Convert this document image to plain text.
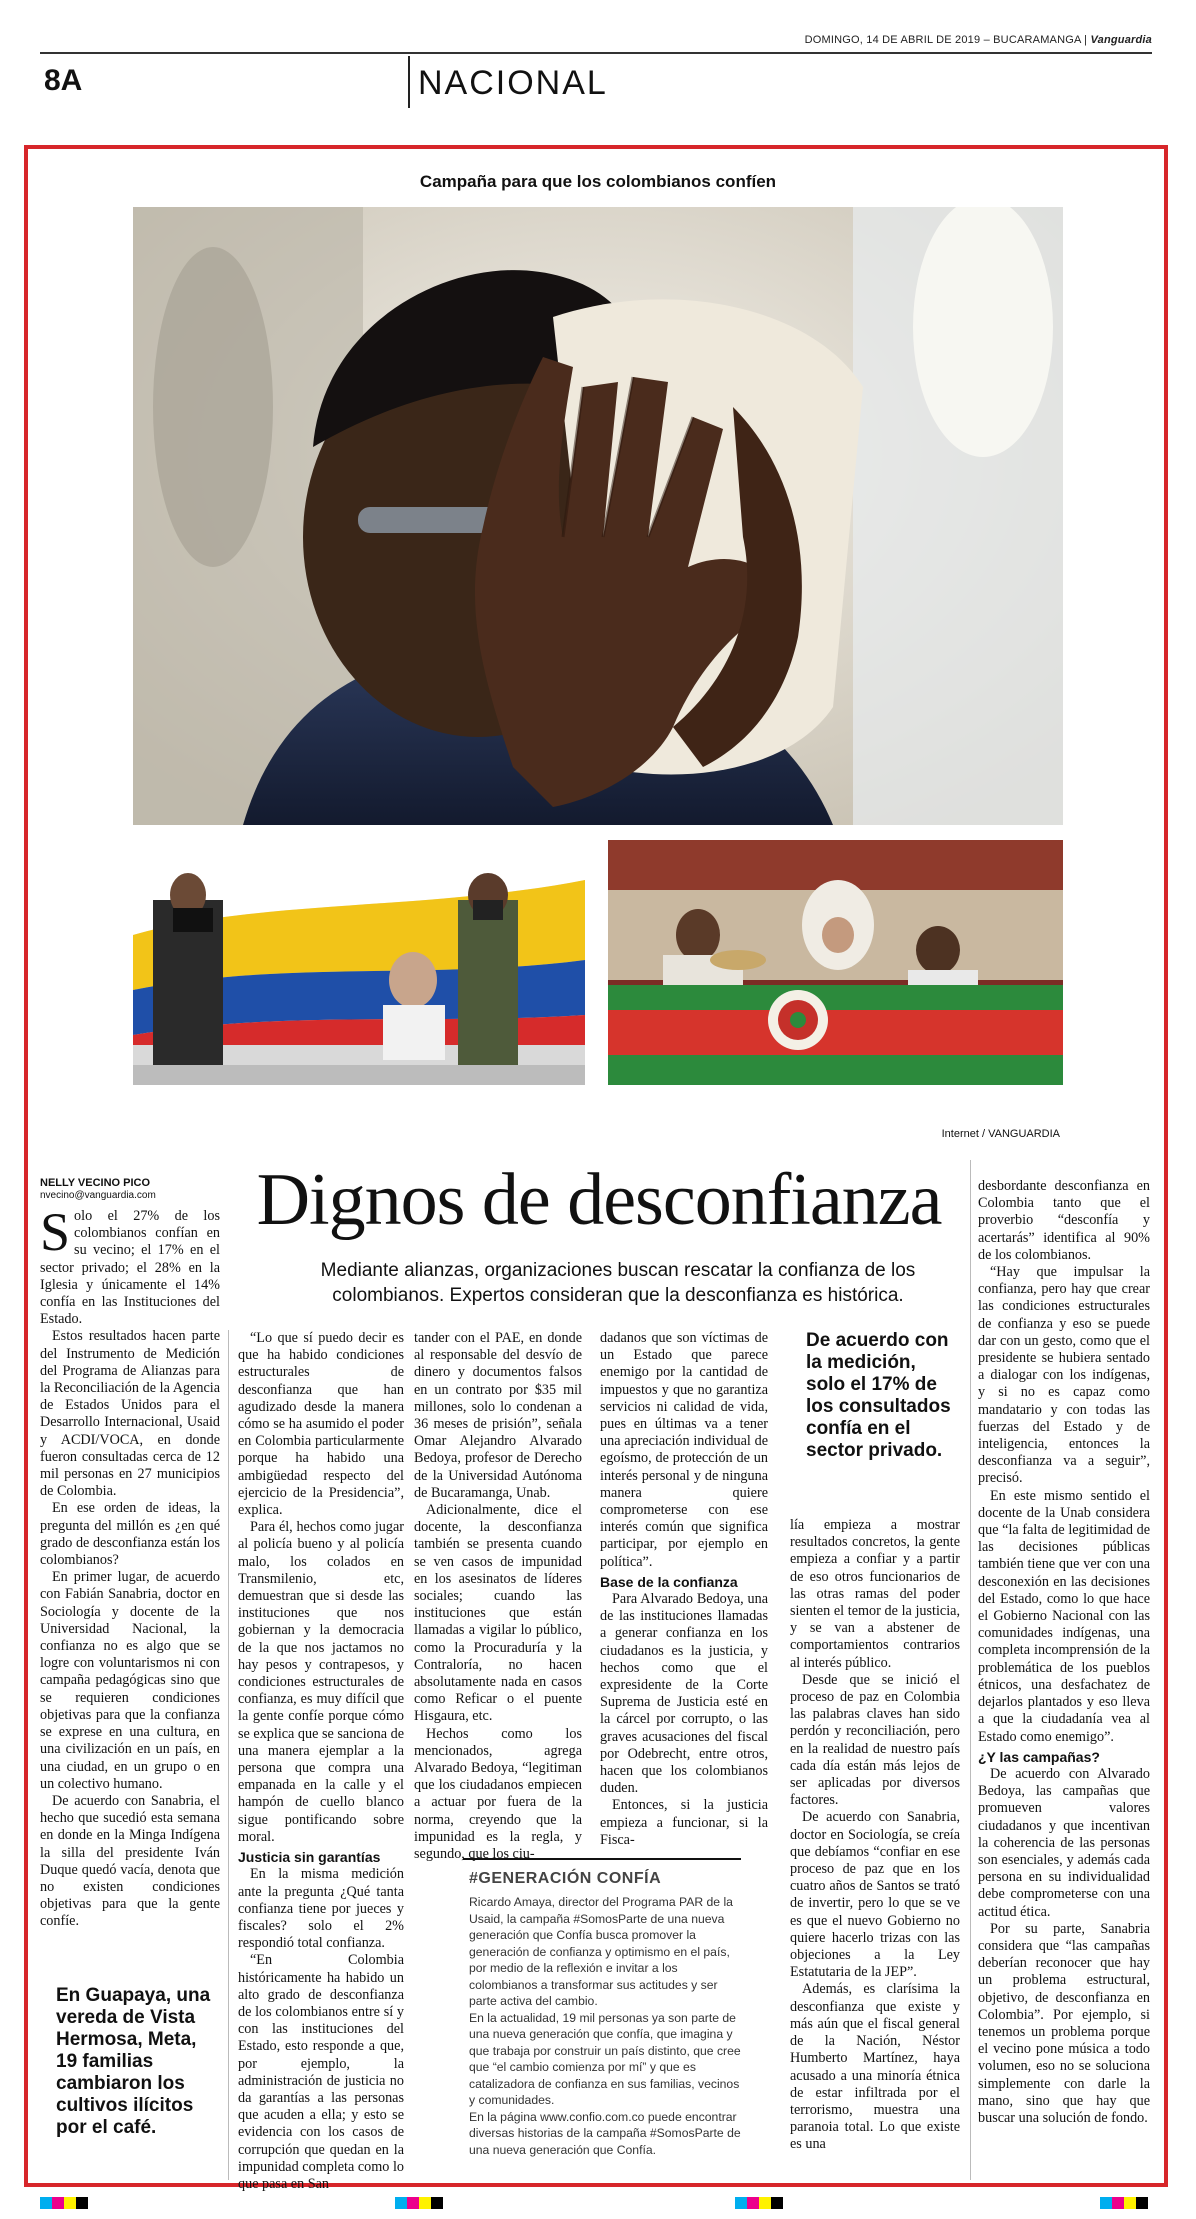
DOMINGO, 14 DE ABRIL DE 2019 – BUCARAMANGA | Vanguardia
8A	NACIONAL
Campaña para que los colombianos confíen
Internet / VANGUARDIA
NELLY VECINO PICO
nvecino@vanguardia.com	Dignos de desconfianza
Mediante alianzas, organizaciones buscan rescatar la confianza de los colombianos. Expertos consideran que la desconfianza es histórica.

Solo el 27% de los colombianos confían en su vecino; el 17% en el sector privado; el 28% en la Iglesia y únicamente el 14% confía en las Instituciones del Estado.

Estos resultados hacen parte del Instrumento de Medición del Programa de Alianzas para la Reconciliación de la Agencia de Estados Unidos para el Desarrollo Internacional, Usaid y ACDI/VOCA, en donde fueron consultadas cerca de 12 mil personas en 27 municipios de Colombia.

En ese orden de ideas, la pregunta del millón es ¿en qué grado de desconfianza están los colombianos?

En primer lugar, de acuerdo con Fabián Sanabria, doctor en Sociología y docente de la Universidad Nacional, la confianza no es algo que se logre con voluntarismos ni con campaña pedagógicas sino que se requieren condiciones objetivas para que la confianza se exprese en una cultura, en una civilización en un país, en una ciudad, en un grupo o en un colectivo humano.

De acuerdo con Sanabria, el hecho que sucedió esta semana en donde en la Minga Indígena la silla del presidente Iván Duque quedó vacía, denota que no existen condiciones objetivas para que la gente confíe.

En Guapaya, una vereda de Vista Hermosa, Meta, 19 familias cambiaron los cultivos ilícitos por el café.

“Lo que sí puedo decir es que ha habido condiciones estructurales de desconfianza que han agudizado desde la manera cómo se ha asumido el poder en Colombia particularmente porque ha habido una ambigüedad respecto del ejercicio de la Presidencia”, explica.

Para él, hechos como jugar al policía bueno y al policía malo, los colados en Transmilenio, etc, demuestran que si desde las instituciones que nos gobiernan y la democracia de la que nos jactamos no hay pesos y contrapesos, y condiciones estructurales de confianza, es muy difícil que la gente confíe porque cómo se explica que se sanciona de una manera ejemplar a la persona que compra una empanada en la calle y el hampón de cuello blanco sigue pontificando sobre moral.

Justicia sin garantías

En la misma medición ante la pregunta ¿Qué tanta confianza tiene por jueces y fiscales? solo el 2% respondió total confianza.

“En Colombia históricamente ha habido un alto grado de desconfianza de los colombianos entre sí y con las instituciones del Estado, esto responde a que, por ejemplo, la administración de justicia no da garantías a las personas que acuden a ella; y esto se evidencia con los casos de corrupción que quedan en la impunidad completa como lo que pasa en San

tander con el PAE, en donde al responsable del desvío de dinero y documentos falsos en un contrato por $35 mil millones, solo lo condenan a 36 meses de prisión”, señala Omar Alejandro Alvarado Bedoya, profesor de Derecho de la Universidad Autónoma de Bucaramanga, Unab.

Adicionalmente, dice el docente, la desconfianza también se presenta cuando se ven casos de impunidad en los asesinatos de líderes sociales; cuando las instituciones que están llamadas a vigilar lo público, como la Procuraduría y la Contraloría, no hacen absolutamente nada en casos como Reficar o el puente Hisgaura, etc.

Hechos como los mencionados, agrega Alvarado Bedoya, “legitiman que los ciudadanos empiecen a actuar por fuera de la norma, creyendo que la impunidad es la regla, y segundo, que los ciu-

dadanos que son víctimas de un Estado que parece enemigo por la cantidad de impuestos y que no garantiza servicios ni calidad de vida, pues en últimas va a tener una apreciación individual de egoísmo, de protección de un interés personal y de ninguna manera quiere comprometerse con ese interés común que significa participar, por ejemplo en política”.

Base de la confianza

Para Alvarado Bedoya, una de las instituciones llamadas a generar confianza en los ciudadanos es la justicia, y hechos como que el expresidente de la Corte Suprema de Justicia esté en la cárcel por corrupto, o las graves acusaciones del fiscal por Odebrecht, entre otros, hacen que los colombianos duden.

Entonces, si la justicia empieza a funcionar, si la Fisca-

De acuerdo con la medición, solo el 17% de los consultados confía en el sector privado.

lía empieza a mostrar resultados concretos, la gente empieza a confiar y a partir de eso otros funcionarios de las otras ramas del poder sienten el temor de la justicia, y se van a abstener de comportamientos contrarios al interés público.

Desde que se inició el proceso de paz en Colombia las palabras claves han sido perdón y reconciliación, pero en la realidad de nuestro país cada día están más lejos de ser aplicadas por diversos factores.

De acuerdo con Sanabria, doctor en Sociología, se creía que debíamos “confiar en ese proceso de paz que en los cuatro años de Santos se trató de invertir, pero lo que se ve es que el nuevo Gobierno no quiere hacerlo trizas con las objeciones a la Ley Estatutaria de la JEP”.

Además, es clarísima la desconfianza que existe y más aún que el fiscal general de la Nación, Néstor Humberto Martínez, haya acusado a una minoría étnica de estar infiltrada por el terrorismo, muestra una paranoia total. Lo que existe es una

desbordante desconfianza en Colombia tanto que el proverbio “desconfía y acertarás” identifica al 90% de los colombianos.

“Hay que impulsar la confianza, pero hay que crear las condiciones estructurales de confianza y eso se puede dar con un gesto, como que el presidente se hubiera sentado a dialogar con los indígenas, y si no es capaz como mandatario y con todas las fuerzas del Estado y de inteligencia, entonces la desconfianza va a seguir”, precisó.

En este mismo sentido el docente de la Unab considera que “la falta de legitimidad de las decisiones públicas también tiene que ver con una desconexión en las decisiones del Estado, como lo que hace el Gobierno Nacional con las comunidades indígenas, una completa incomprensión de la problemática de los pueblos étnicos, una desfachatez de dejarlos plantados y eso lleva a que la ciudadanía vea al Estado como enemigo”.

¿Y las campañas?

De acuerdo con Alvarado Bedoya, las campañas que promueven valores ciudadanos y que incentivan la coherencia de las personas son esenciales, y además cada persona en su individualidad debe comprometerse con una actitud ética.

Por su parte, Sanabria considera que “las campañas deberían reconocer que hay un problema estructural, objetivo, de desconfianza en Colombia”. Por ejemplo, si tenemos un problema porque el vecino pone música a todo volumen, eso no se soluciona simplemente con darle la mano, sino que hay que buscar una solución de fondo.

#GENERACIÓN CONFÍA
Ricardo Amaya, director del Programa PAR de la Usaid, la campaña #SomosParte de una nueva generación que Confía busca promover la generación de confianza y optimismo en el país, por medio de la reflexión e invitar a los colombianos a transformar sus actitudes y ser parte activa del cambio.
En la actualidad, 19 mil personas ya son parte de una nueva generación que confía, que imagina y que trabaja por construir un país distinto, que cree que “el cambio comienza por mí” y que es catalizadora de confianza en sus familias, vecinos y comunidades.
En la página www.confio.com.co puede encontrar diversas historias de la campaña #SomosParte de una nueva generación que Confía.
